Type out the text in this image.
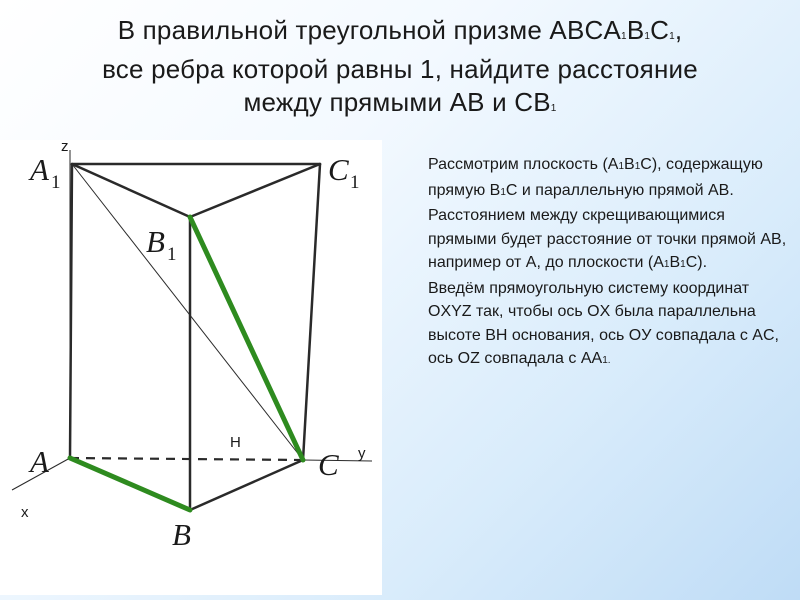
В правильной треугольной призме ABCA1B1C1,
все ребра которой равны 1, найдите расстояние
между прямыми AB и CB1
A 1	C 1
B 1
A	C
B
z
y
x
H

Рассмотрим плоскость (A1B1C), содержащую прямую B1C и параллельную прямой AB. Расстоянием между скрещивающимися прямыми будет расстояние от точки прямой AB, например от A, до плоскости (A1B1C).

Введём прямоугольную систему координат OXYZ так, чтобы ось OX была параллельна высоте BH основания, ось OУ совпадала с AC, ось OZ совпадала с AA1.
